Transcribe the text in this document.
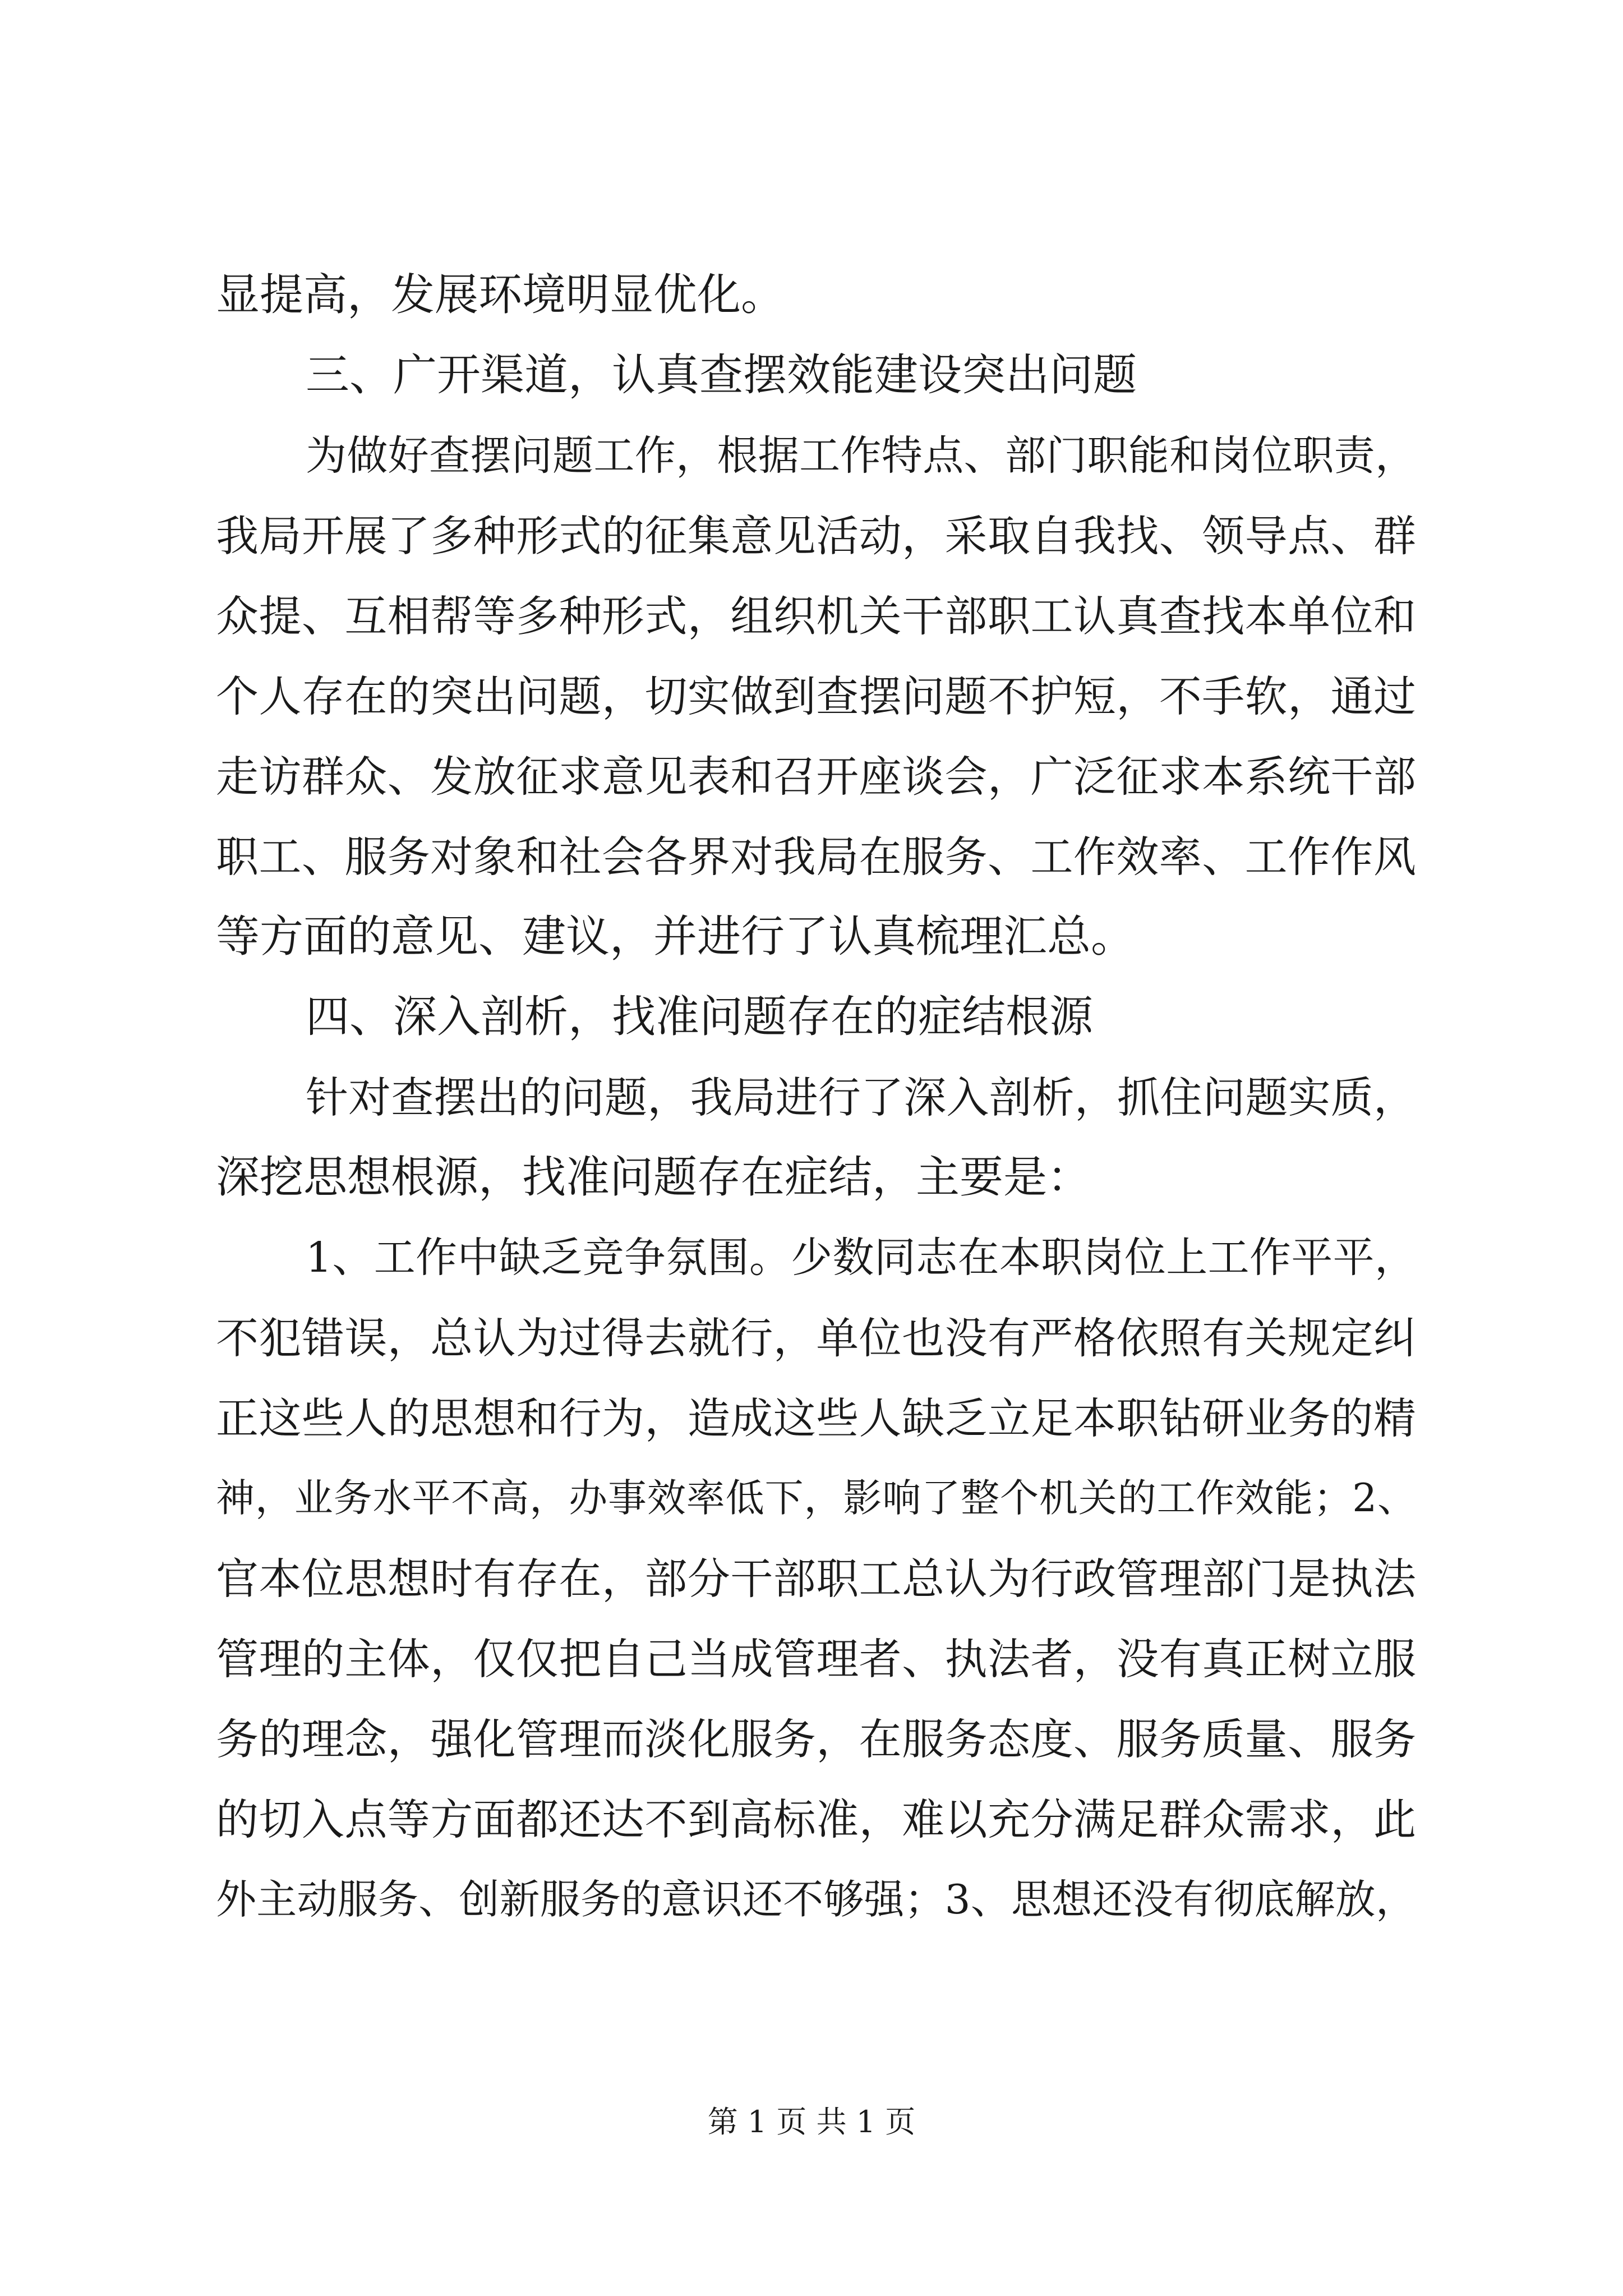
显提高，发展环境明显优化。
三、广开渠道，认真查摆效能建设突出问题
为做好查摆问题工作，根据工作特点、部门职能和岗位职责，
我局开展了多种形式的征集意见活动，采取自我找、领导点、群
众提、互相帮等多种形式，组织机关干部职工认真查找本单位和
个人存在的突出问题，切实做到查摆问题不护短，不手软，通过
走访群众、发放征求意见表和召开座谈会，广泛征求本系统干部
职工、服务对象和社会各界对我局在服务、工作效率、工作作风
等方面的意见、建议，并进行了认真梳理汇总。
四、深入剖析，找准问题存在的症结根源
针对查摆出的问题，我局进行了深入剖析，抓住问题实质，
深挖思想根源，找准问题存在症结，主要是：
1、工作中缺乏竞争氛围。少数同志在本职岗位上工作平平，
不犯错误，总认为过得去就行，单位也没有严格依照有关规定纠
正这些人的思想和行为，造成这些人缺乏立足本职钻研业务的精
神，业务水平不高，办事效率低下，影响了整个机关的工作效能；2、
官本位思想时有存在，部分干部职工总认为行政管理部门是执法
管理的主体，仅仅把自己当成管理者、执法者，没有真正树立服
务的理念，强化管理而淡化服务，在服务态度、服务质量、服务
的切入点等方面都还达不到高标准，难以充分满足群众需求，此
外主动服务、创新服务的意识还不够强；3、思想还没有彻底解放，
第 1 页 共 1 页
